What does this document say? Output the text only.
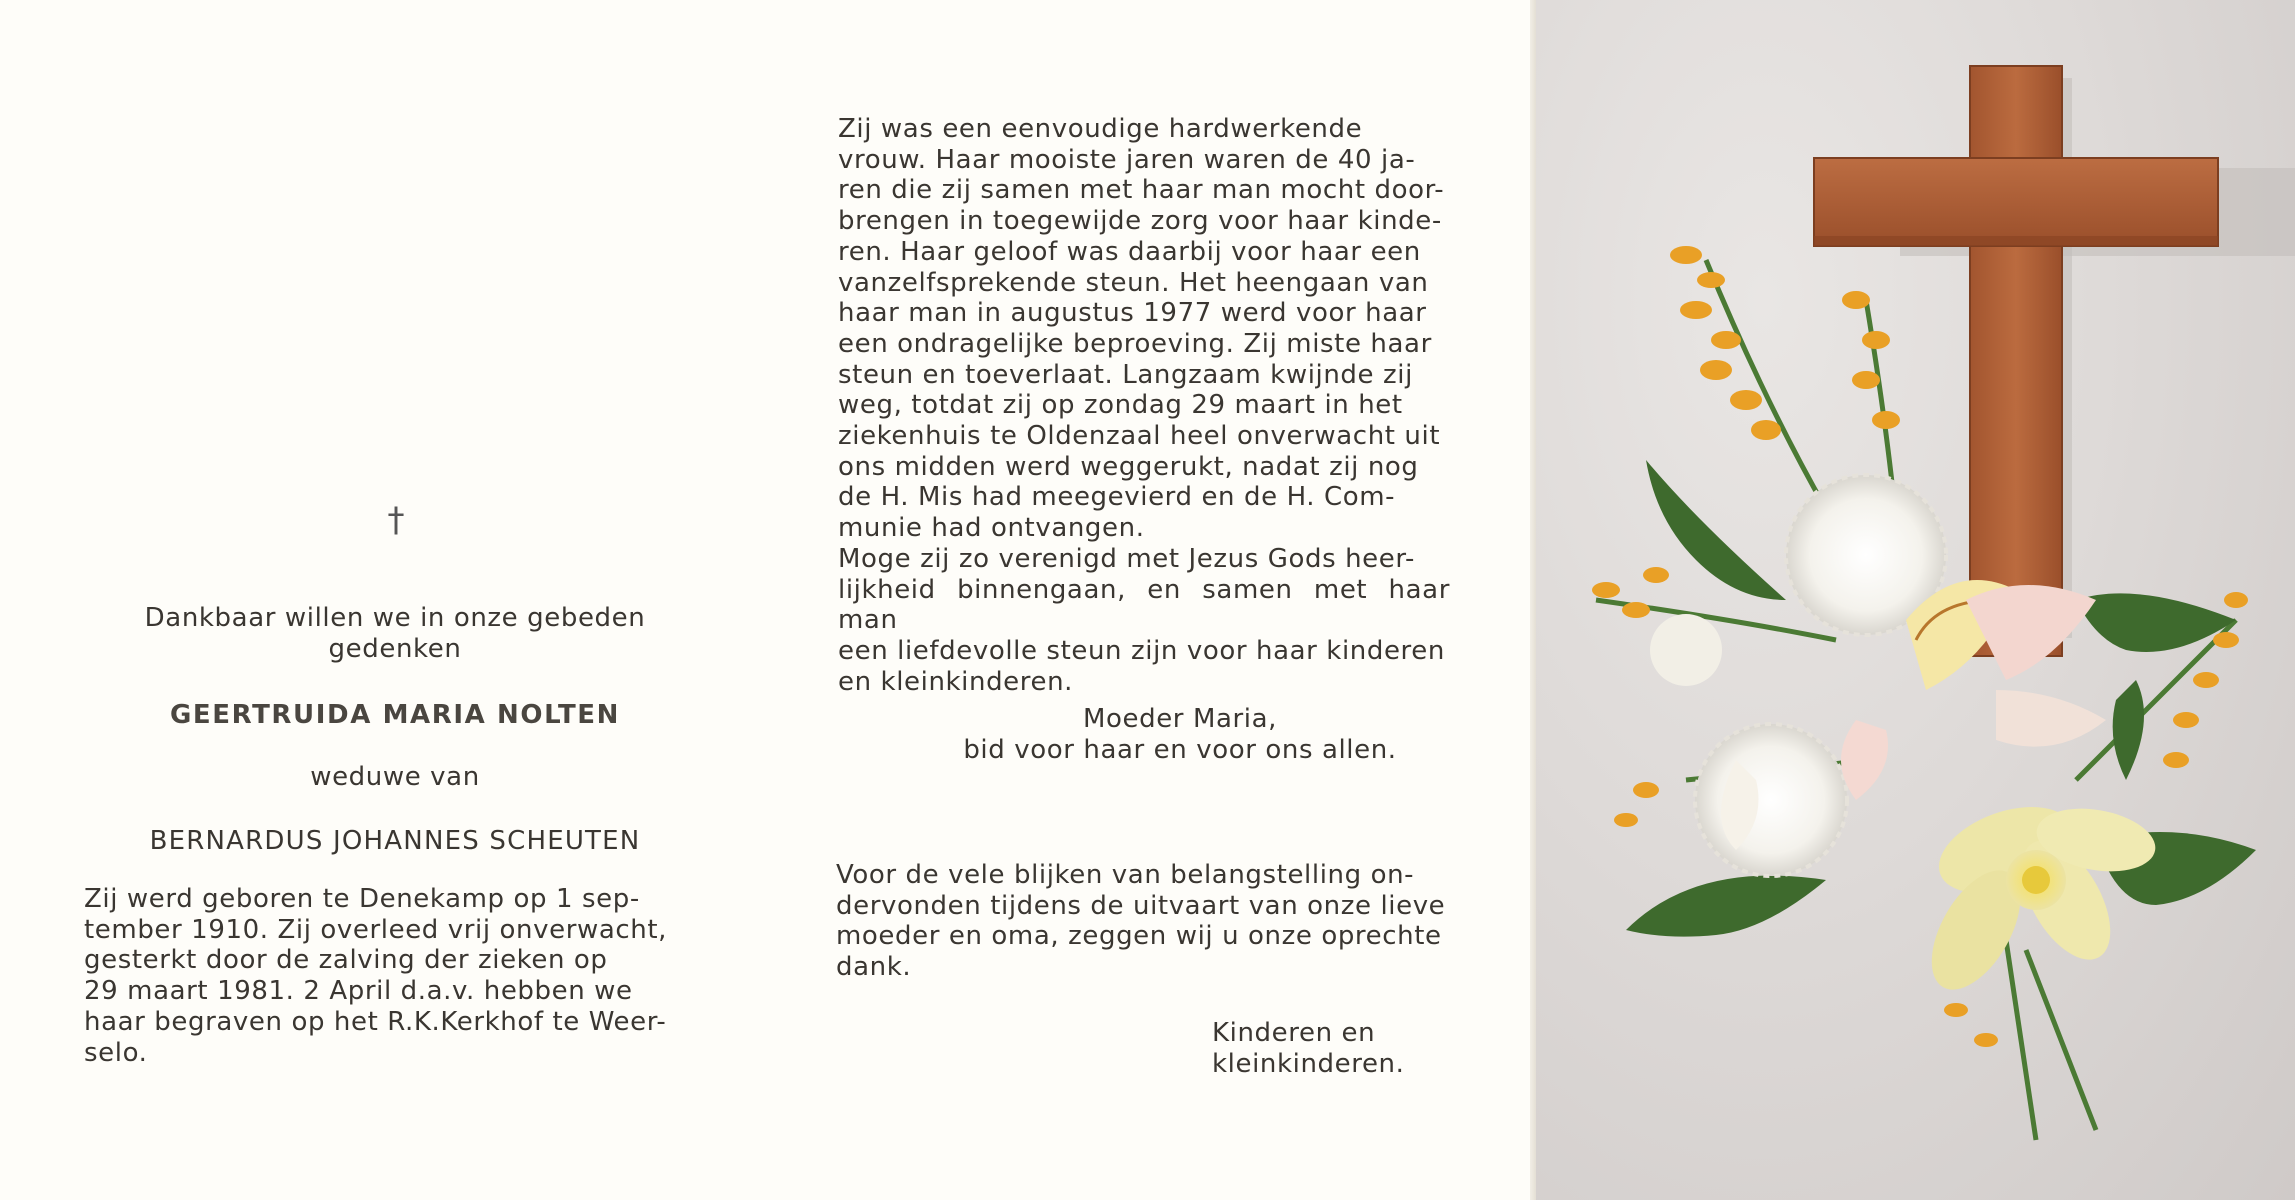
†
Dankbaar willen we in onze gebeden
gedenken
GEERTRUIDA MARIA NOLTEN
weduwe van
BERNARDUS JOHANNES SCHEUTEN
Zij werd geboren te Denekamp op 1 sep-
tember 1910. Zij overleed vrij onverwacht,
gesterkt door de zalving der zieken op
29 maart 1981. 2 April d.a.v. hebben we
haar begraven op het R.K.Kerkhof te Weer-
selo.
Zij was een eenvoudige hardwerkende
vrouw. Haar mooiste jaren waren de 40 ja-
ren die zij samen met haar man mocht door-
brengen in toegewijde zorg voor haar kinde-
ren. Haar geloof was daarbij voor haar een
vanzelfsprekende steun. Het heengaan van
haar man in augustus 1977 werd voor haar
een ondragelijke beproeving. Zij miste haar
steun en toeverlaat. Langzaam kwijnde zij
weg, totdat zij op zondag 29 maart in het
ziekenhuis te Oldenzaal heel onverwacht uit
ons midden werd weggerukt, nadat zij nog
de H. Mis had meegevierd en de H. Com-
munie had ontvangen.
Moge zij zo verenigd met Jezus Gods heer-
lijkheid binnengaan, en samen met haar man
een liefdevolle steun zijn voor haar kinderen
en kleinkinderen.
Moeder Maria,
bid voor haar en voor ons allen.
Voor de vele blijken van belangstelling on-
dervonden tijdens de uitvaart van onze lieve
moeder en oma, zeggen wij u onze oprechte
dank.
Kinderen en
kleinkinderen.
